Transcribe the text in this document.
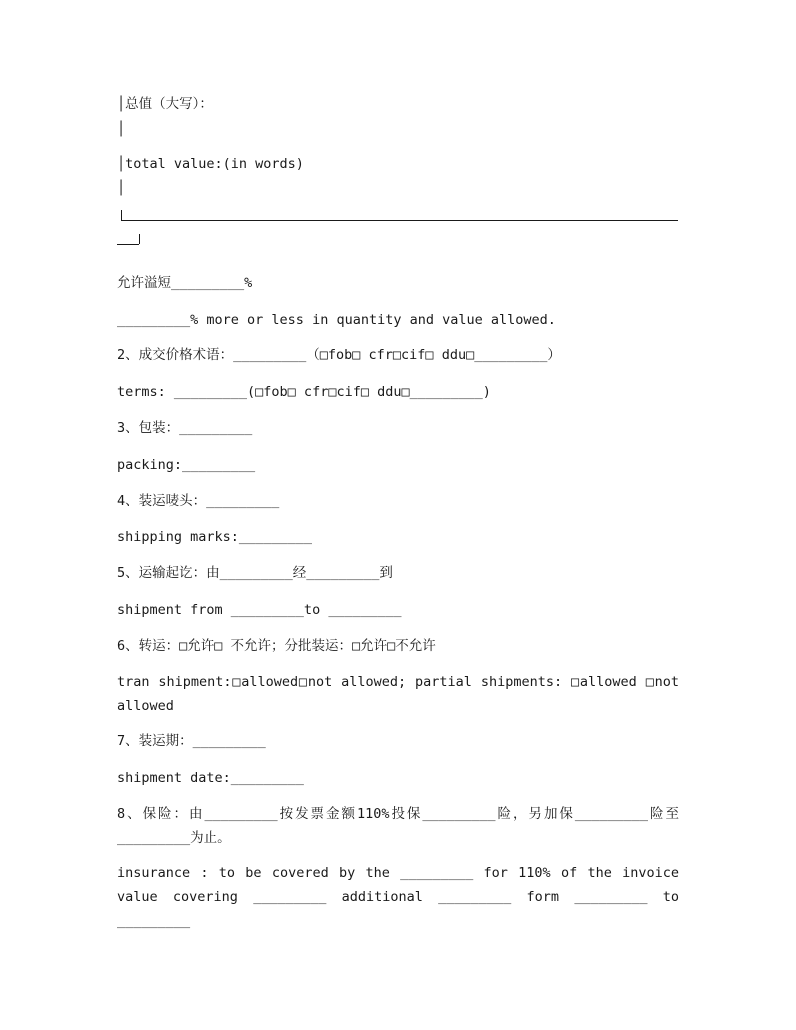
│总值（大写）：
│
│total value:(in words)
│
允许溢短_________%
_________% more or less in quantity and value allowed.
2、成交价格术语：_________（□fob□ cfr□cif□ ddu□_________）
terms: _________(□fob□ cfr□cif□ ddu□_________)
3、包装：_________
packing:_________
4、装运唛头：_________
shipping marks:_________
5、运输起讫：由_________经_________到
shipment from _________to _________
6、转运：□允许□ 不允许；分批装运：□允许□不允许
tran shipment:□allowed□not allowed; partial shipments: □allowed □not allowed
7、装运期：_________
shipment date:_________
8、保险：由_________按发票金额110%投保_________险，另加保_________险至_________为止。
insurance : to be covered by the _________ for 110% of the invoice value covering _________ additional _________ form _________ to _________
